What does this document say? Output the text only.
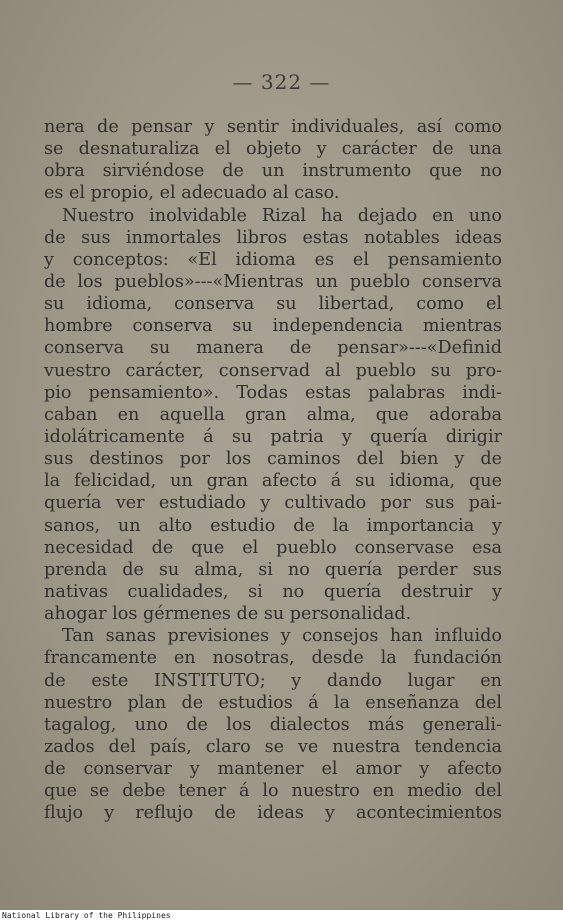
— 322 —
nera de pensar y sentir individuales, así como
se desnaturaliza el objeto y carácter de una
obra sirviéndose de un instrumento que no
es el propio, el adecuado al caso.
Nuestro inolvidable Rizal ha dejado en uno
de sus inmortales libros estas notables ideas
y conceptos: «El idioma es el pensamiento
de los pueblos»---«Mientras un pueblo conserva
su idioma, conserva su libertad, como el
hombre conserva su independencia mientras
conserva su manera de pensar»---«Definid
vuestro carácter, conservad al pueblo su pro-
pio pensamiento». Todas estas palabras indi-
caban en aquella gran alma, que adoraba
idolátricamente á su patria y quería dirigir
sus destinos por los caminos del bien y de
la felicidad, un gran afecto á su idioma, que
quería ver estudiado y cultivado por sus pai-
sanos, un alto estudio de la importancia y
necesidad de que el pueblo conservase esa
prenda de su alma, si no quería perder sus
nativas cualidades, si no quería destruir y
ahogar los gérmenes de su personalidad.
Tan sanas previsiones y consejos han influido
francamente en nosotras, desde la fundación
de este INSTITUTO; y dando lugar en
nuestro plan de estudios á la enseñanza del
tagalog, uno de los dialectos más generali-
zados del país, claro se ve nuestra tendencia
de conservar y mantener el amor y afecto
que se debe tener á lo nuestro en medio del
flujo y reflujo de ideas y acontecimientos
National Library of the Philippines
